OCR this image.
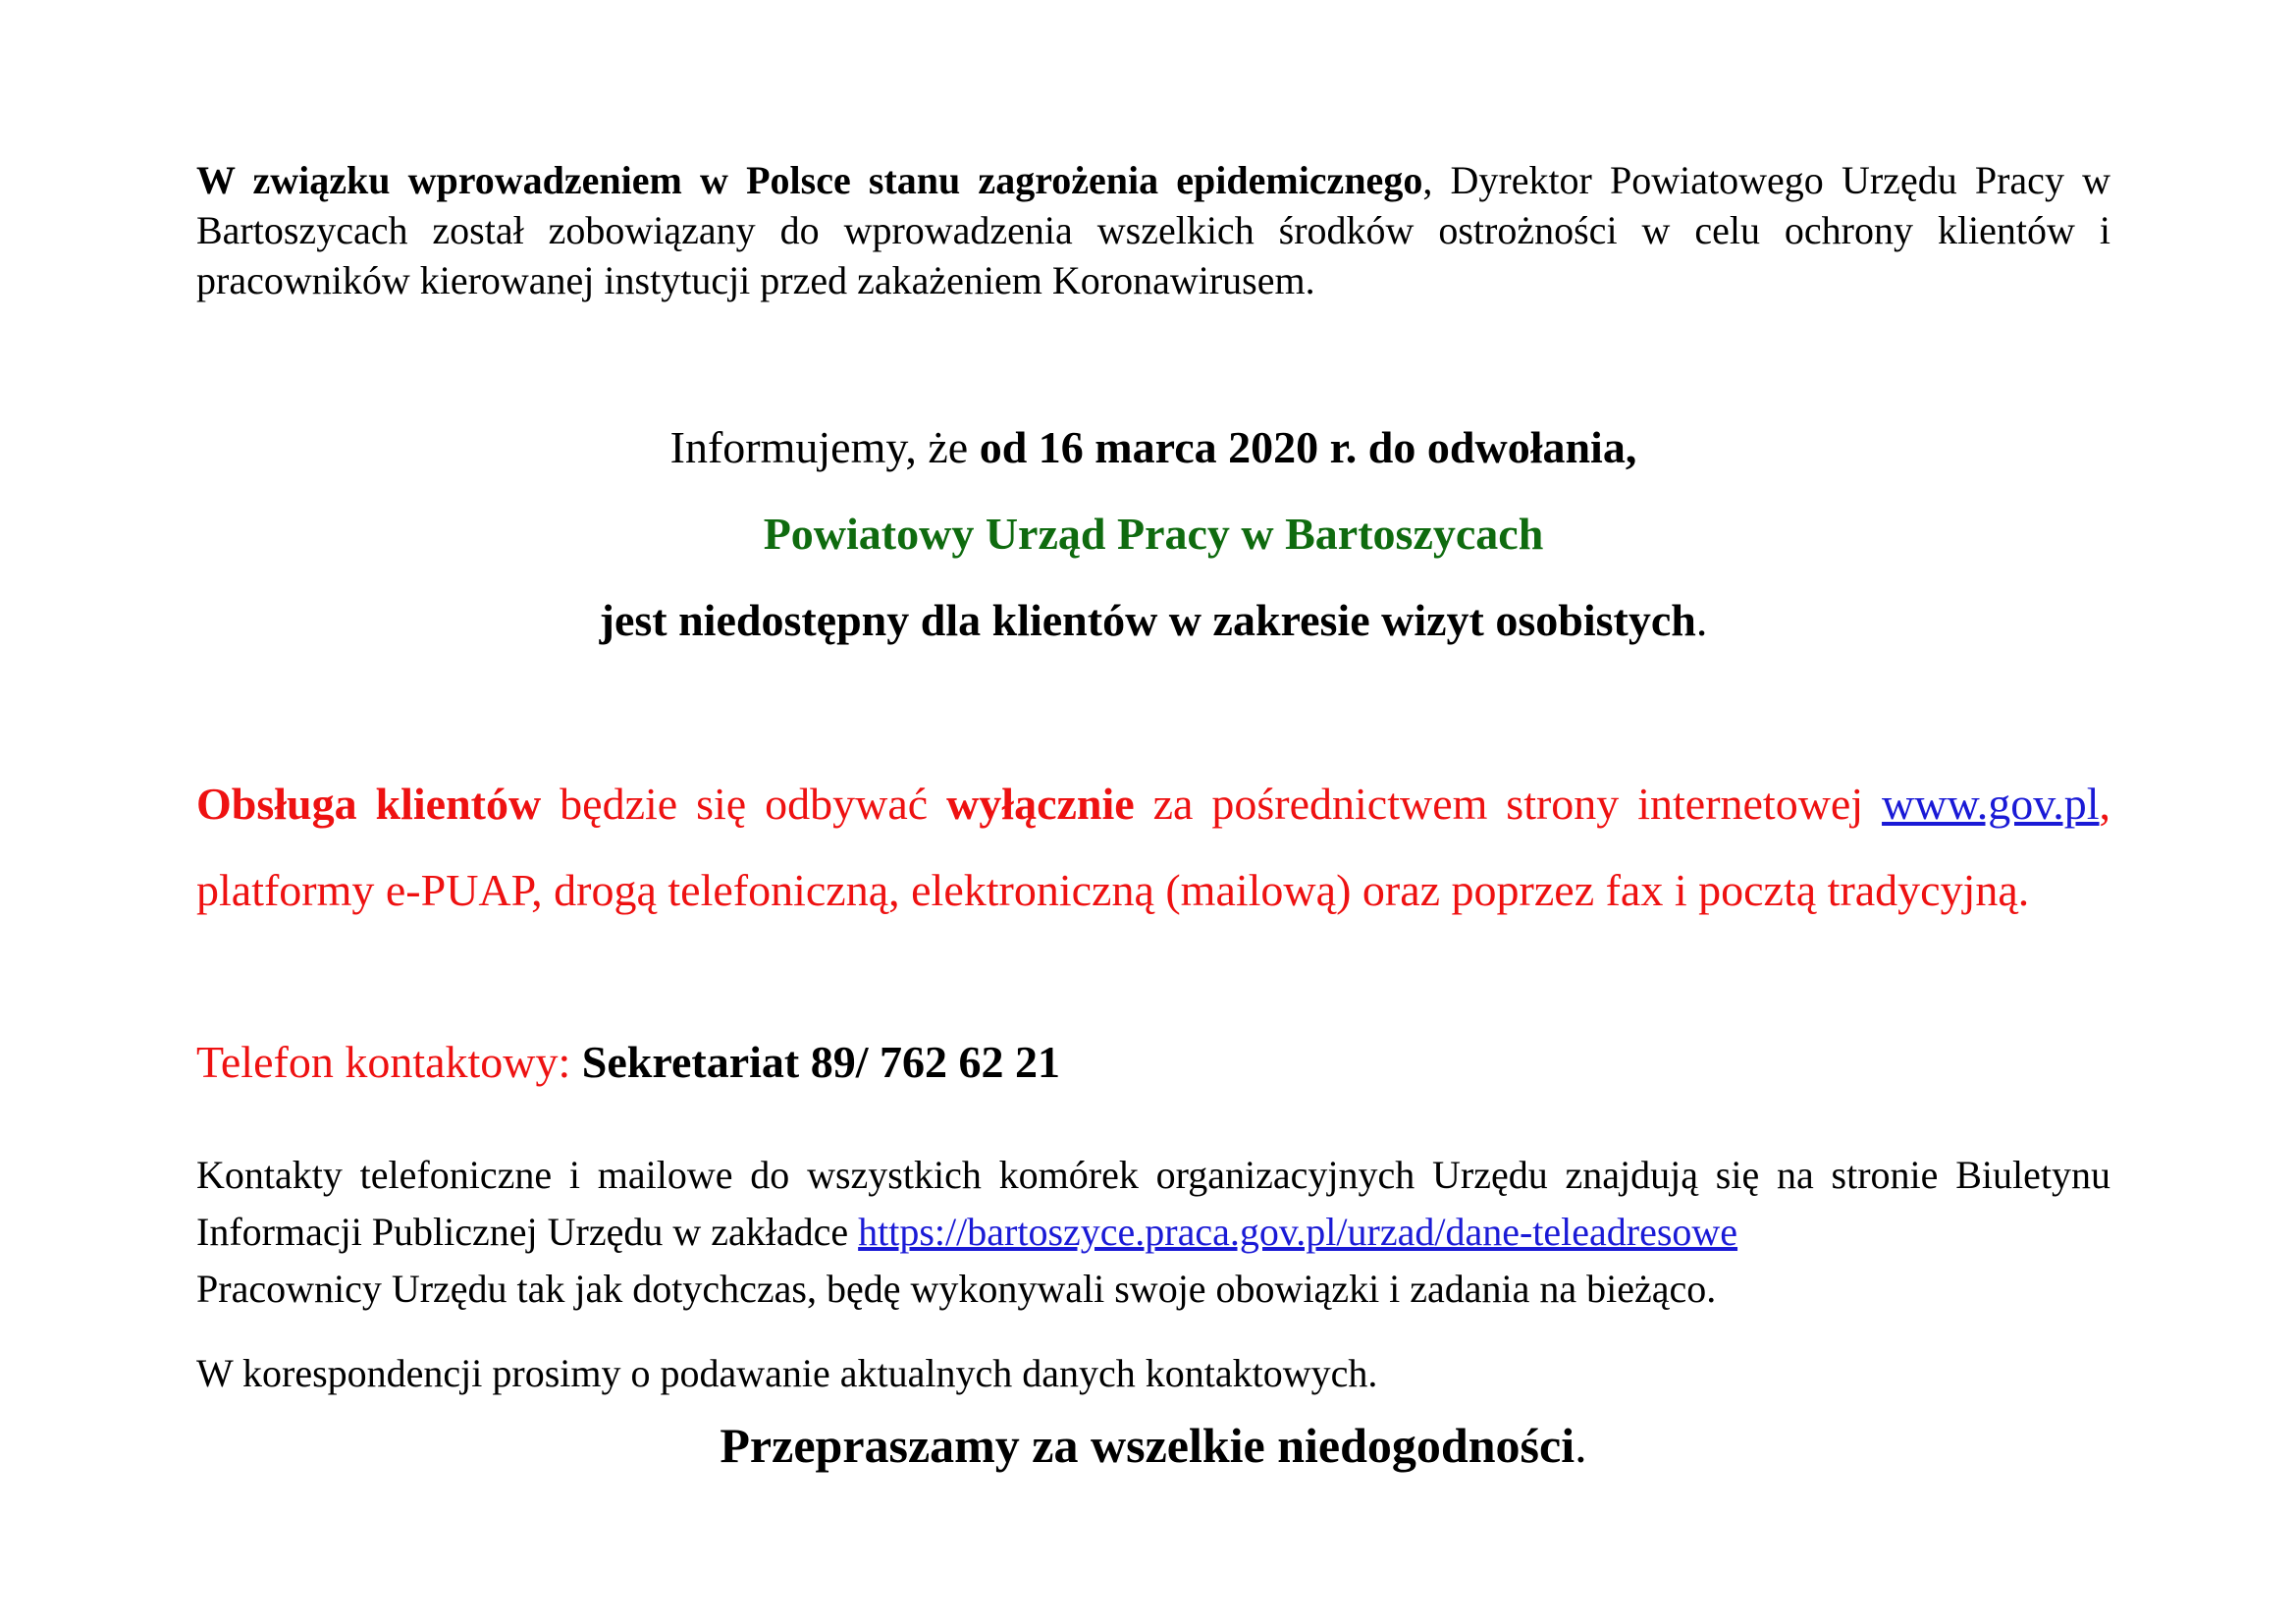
W związku wprowadzeniem w Polsce stanu zagrożenia epidemicznego, Dyrektor Powiatowego Urzędu Pracy w Bartoszycach został zobowiązany do wprowadzenia wszelkich środków ostrożności w celu ochrony klientów i pracowników kierowanej instytucji przed zakażeniem Koronawirusem.

Informujemy, że od 16 marca 2020 r. do odwołania,

Powiatowy Urząd Pracy w Bartoszycach

jest niedostępny dla klientów w zakresie wizyt osobistych.

Obsługa klientów będzie się odbywać wyłącznie za pośrednictwem strony internetowej www.gov.pl, platformy e-PUAP, drogą telefoniczną, elektroniczną (mailową) oraz poprzez fax i pocztą tradycyjną.

Telefon kontaktowy: Sekretariat 89/ 762 62 21

Kontakty telefoniczne i mailowe do wszystkich komórek organizacyjnych Urzędu znajdują się na stronie Biuletynu Informacji Publicznej Urzędu w zakładce https://bartoszyce.praca.gov.pl/urzad/dane-teleadresowe
Pracownicy Urzędu tak jak dotychczas, będę wykonywali swoje obowiązki i zadania na bieżąco.

W korespondencji prosimy o podawanie aktualnych danych kontaktowych.

Przepraszamy za wszelkie niedogodności.
